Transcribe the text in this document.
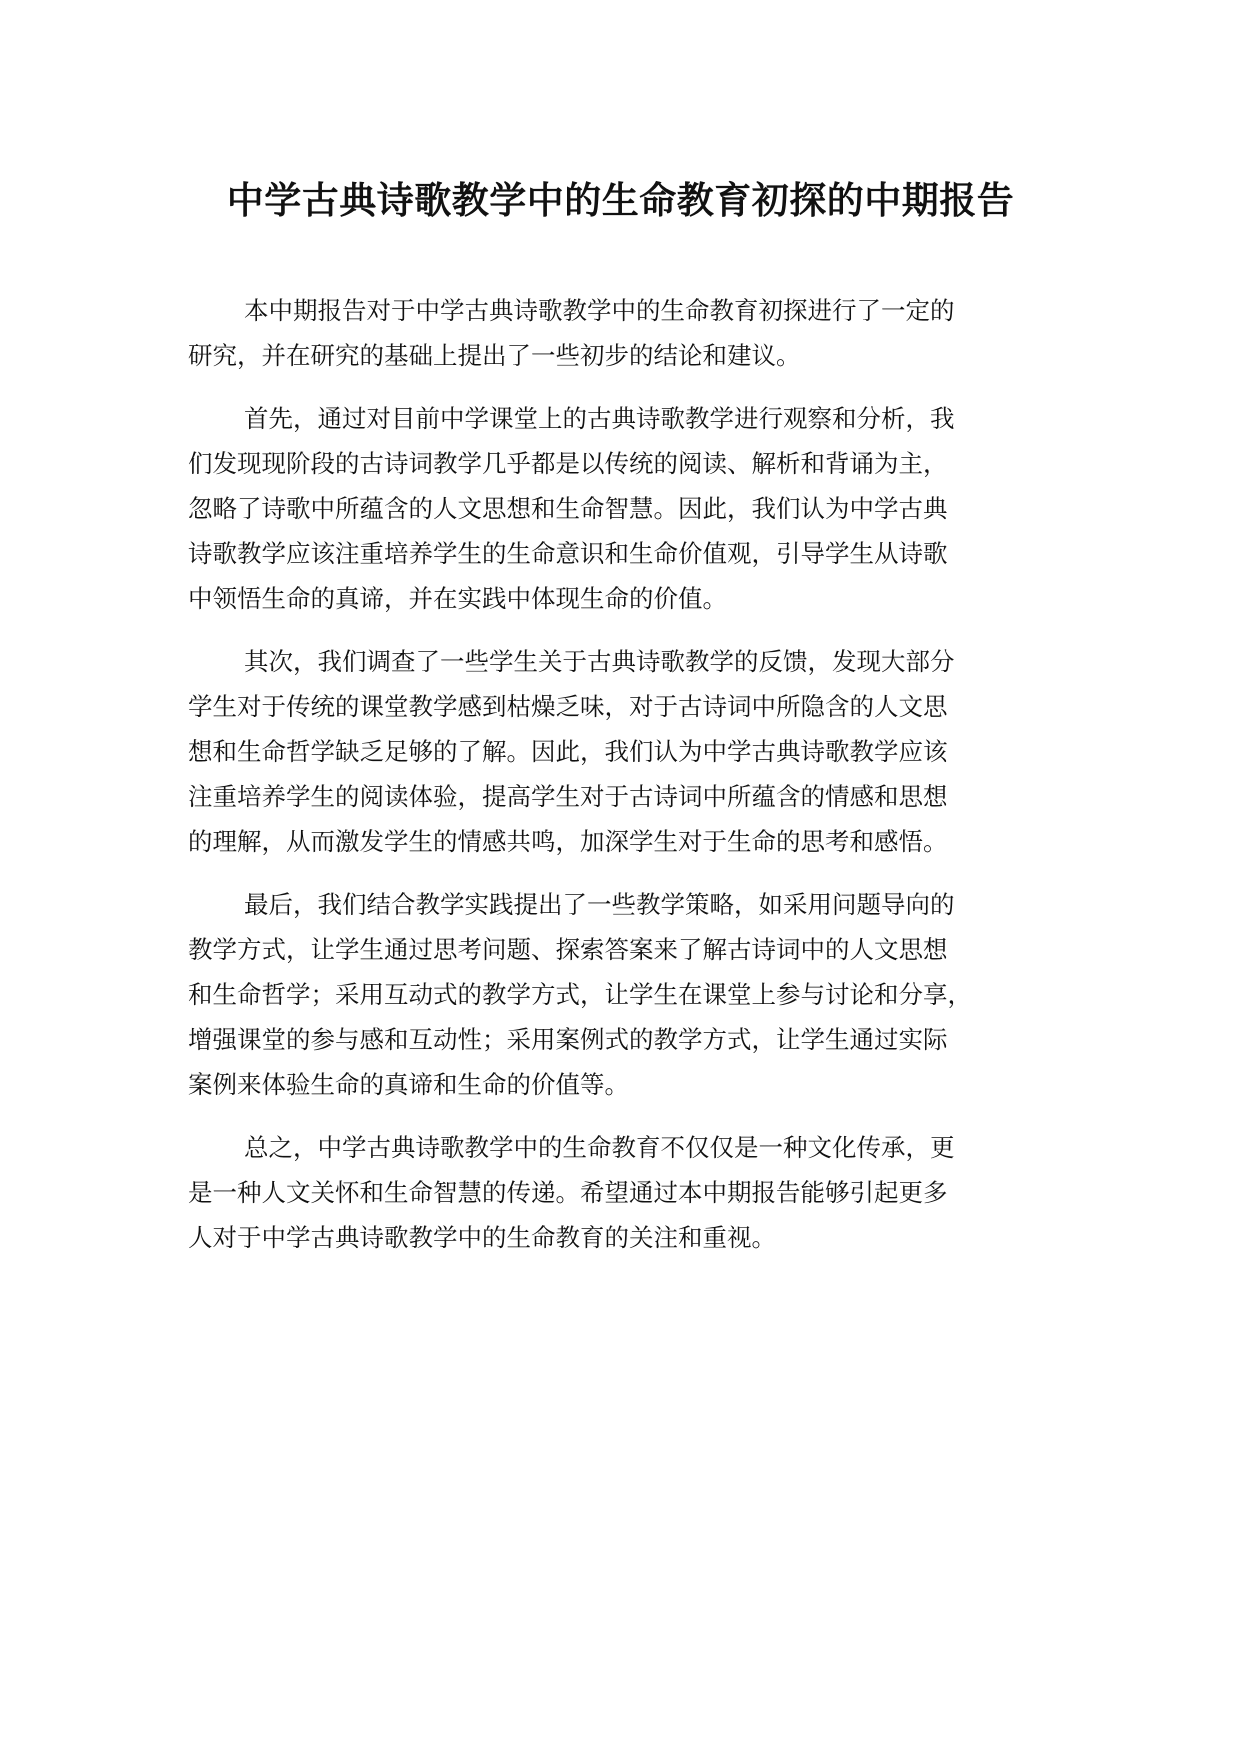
中学古典诗歌教学中的生命教育初探的中期报告

本中期报告对于中学古典诗歌教学中的生命教育初探进行了一定的
研究，并在研究的基础上提出了一些初步的结论和建议。

首先，通过对目前中学课堂上的古典诗歌教学进行观察和分析，我
们发现现阶段的古诗词教学几乎都是以传统的阅读、解析和背诵为主，
忽略了诗歌中所蕴含的人文思想和生命智慧。因此，我们认为中学古典
诗歌教学应该注重培养学生的生命意识和生命价值观，引导学生从诗歌
中领悟生命的真谛，并在实践中体现生命的价值。

其次，我们调查了一些学生关于古典诗歌教学的反馈，发现大部分
学生对于传统的课堂教学感到枯燥乏味，对于古诗词中所隐含的人文思
想和生命哲学缺乏足够的了解。因此，我们认为中学古典诗歌教学应该
注重培养学生的阅读体验，提高学生对于古诗词中所蕴含的情感和思想
的理解，从而激发学生的情感共鸣，加深学生对于生命的思考和感悟。

最后，我们结合教学实践提出了一些教学策略，如采用问题导向的
教学方式，让学生通过思考问题、探索答案来了解古诗词中的人文思想
和生命哲学；采用互动式的教学方式，让学生在课堂上参与讨论和分享，
增强课堂的参与感和互动性；采用案例式的教学方式，让学生通过实际
案例来体验生命的真谛和生命的价值等。

总之，中学古典诗歌教学中的生命教育不仅仅是一种文化传承，更
是一种人文关怀和生命智慧的传递。希望通过本中期报告能够引起更多
人对于中学古典诗歌教学中的生命教育的关注和重视。
